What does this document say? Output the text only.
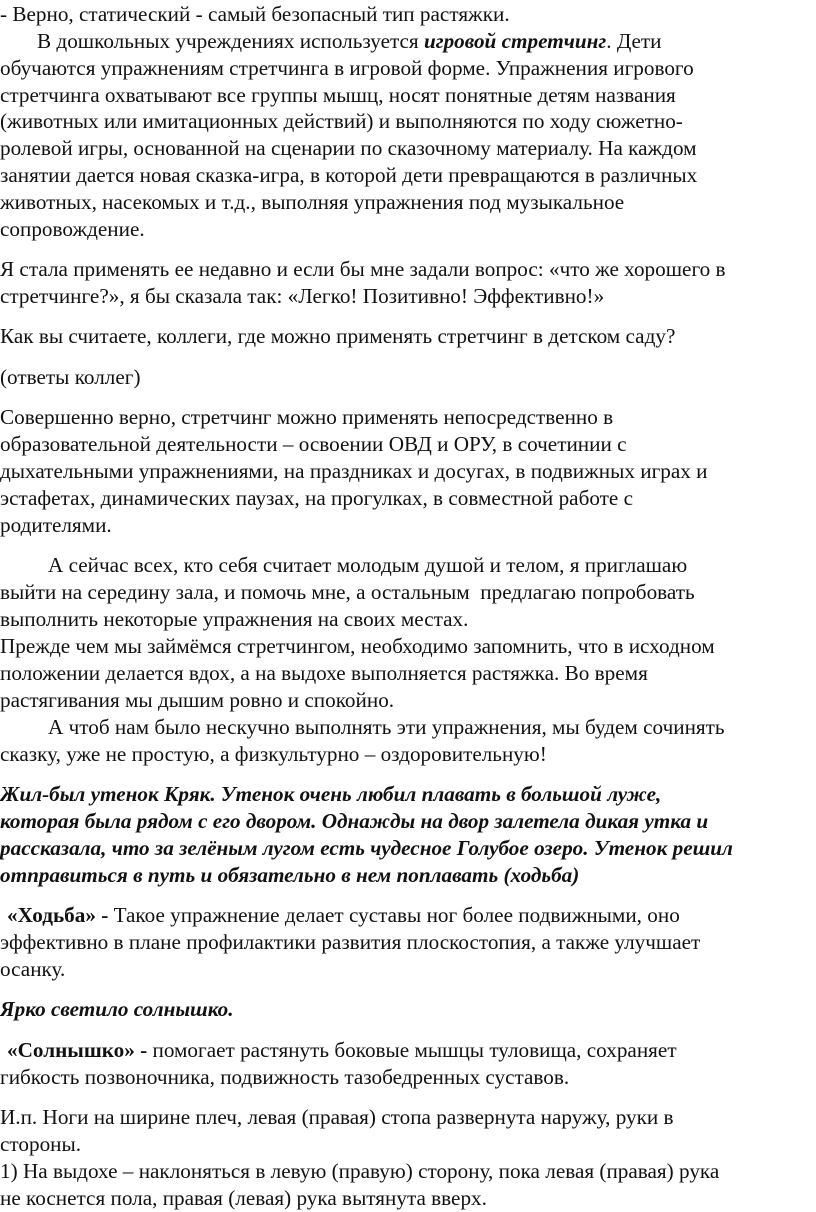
- Верно, статический - самый безопасный тип растяжки.
В дошкольных учреждениях используется игровой стретчинг. Дети
обучаются упражнениям стретчинга в игровой форме. Упражнения игрового
стретчинга охватывают все группы мышц, носят понятные детям названия
(животных или имитационных действий) и выполняются по ходу сюжетно-
ролевой игры, основанной на сценарии по сказочному материалу. На каждом
занятии дается новая сказка-игра, в которой дети превращаются в различных
животных, насекомых и т.д., выполняя упражнения под музыкальное
сопровождение.
Я стала применять ее недавно и если бы мне задали вопрос: «что же хорошего в
стретчинге?», я бы сказала так: «Легко! Позитивно! Эффективно!»
Как вы считаете, коллеги, где можно применять стретчинг в детском саду?
(ответы коллег)
Совершенно верно, стретчинг можно применять непосредственно в
образовательной деятельности – освоении ОВД и ОРУ, в сочетинии с
дыхательными упражнениями, на праздниках и досугах, в подвижных играх и
эстафетах, динамических паузах, на прогулках, в совместной работе с
родителями.
А сейчас всех, кто себя считает молодым душой и телом, я приглашаю
выйти на середину зала, и помочь мне, а остальным  предлагаю попробовать
выполнить некоторые упражнения на своих местах.
Прежде чем мы займёмся стретчингом, необходимо запомнить, что в исходном
положении делается вдох, а на выдохе выполняется растяжка. Во время
растягивания мы дышим ровно и спокойно.
А чтоб нам было нескучно выполнять эти упражнения, мы будем сочинять
сказку, уже не простую, а физкультурно – оздоровительную!
Жил-был утенок Кряк. Утенок очень любил плавать в большой луже,
которая была рядом с его двором. Однажды на двор залетела дикая утка и
рассказала, что за зелёным лугом есть чудесное Голубое озеро. Утенок решил
отправиться в путь и обязательно в нем поплавать (ходьба)
«Ходьба» - Такое упражнение делает суставы ног более подвижными, оно
эффективно в плане профилактики развития плоскостопия, а также улучшает
осанку.
Ярко светило солнышко.
«Солнышко» - помогает растянуть боковые мышцы туловища, сохраняет
гибкость позвоночника, подвижность тазобедренных суставов.
И.п. Ноги на ширине плеч, левая (правая) стопа развернута наружу, руки в
стороны.
1) На выдохе – наклоняться в левую (правую) сторону, пока левая (правая) рука
не коснется пола, правая (левая) рука вытянута вверх.
